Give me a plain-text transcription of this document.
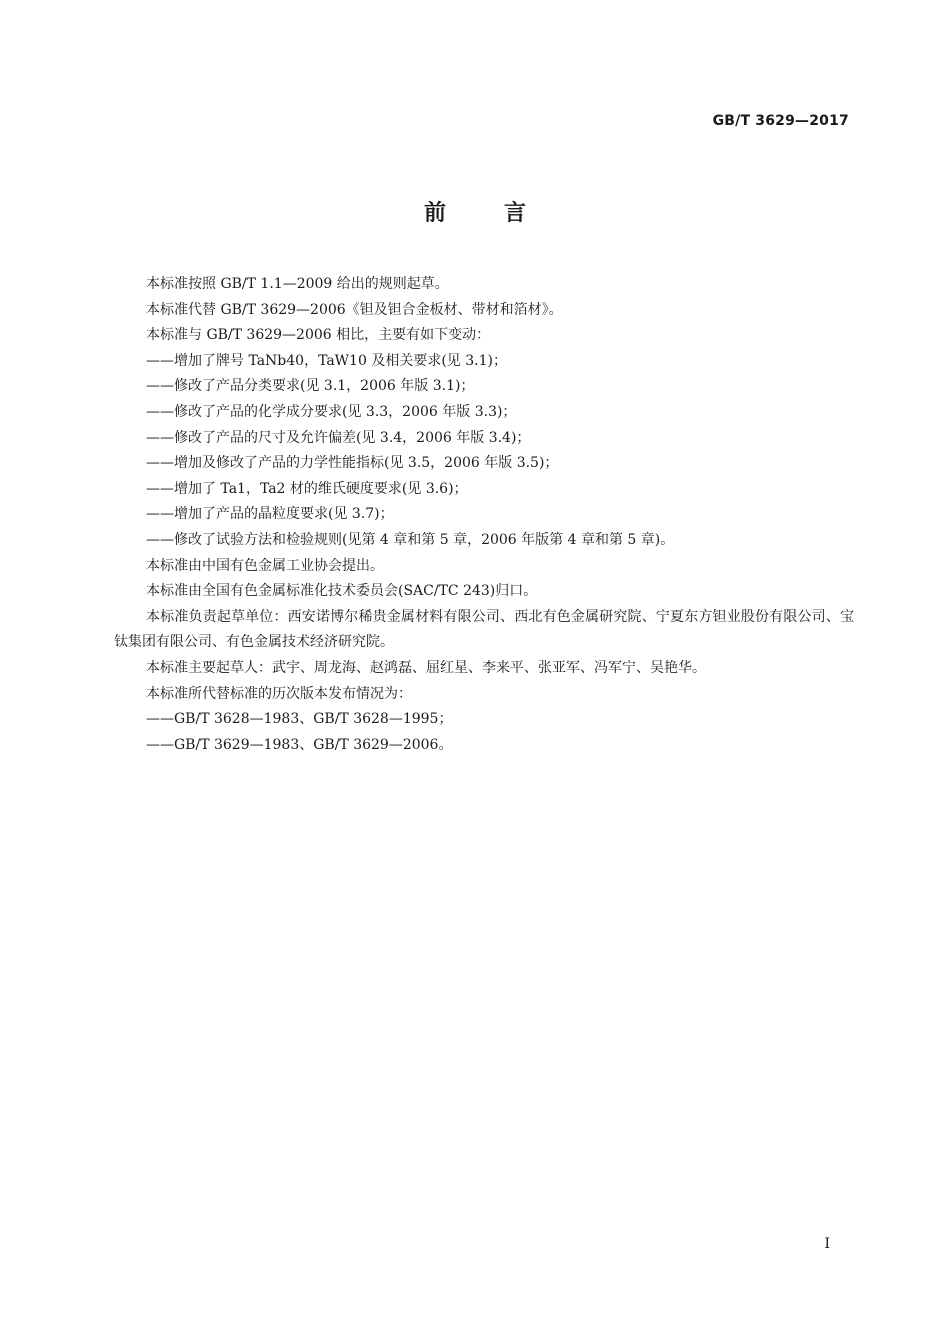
GB/T 3629—2017
前言

本标准按照 GB/T 1.1—2009 给出的规则起草。

本标准代替 GB/T 3629—2006《钽及钽合金板材、带材和箔材》。

本标准与 GB/T 3629—2006 相比，主要有如下变动：

——增加了牌号 TaNb40，TaW10 及相关要求(见 3.1)；

——修改了产品分类要求(见 3.1，2006 年版 3.1)；

——修改了产品的化学成分要求(见 3.3，2006 年版 3.3)；

——修改了产品的尺寸及允许偏差(见 3.4，2006 年版 3.4)；

——增加及修改了产品的力学性能指标(见 3.5，2006 年版 3.5)；

——增加了 Ta1，Ta2 材的维氏硬度要求(见 3.6)；

——增加了产品的晶粒度要求(见 3.7)；

——修改了试验方法和检验规则(见第 4 章和第 5 章，2006 年版第 4 章和第 5 章)。

本标准由中国有色金属工业协会提出。

本标准由全国有色金属标准化技术委员会(SAC/TC 243)归口。

本标准负责起草单位：西安诺博尔稀贵金属材料有限公司、西北有色金属研究院、宁夏东方钽业股份有限公司、宝钛集团有限公司、有色金属技术经济研究院。

本标准主要起草人：武宇、周龙海、赵鸿磊、屈红星、李来平、张亚军、冯军宁、吴艳华。

本标准所代替标准的历次版本发布情况为：

——GB/T 3628—1983、GB/T 3628—1995；

——GB/T 3629—1983、GB/T 3629—2006。

I
